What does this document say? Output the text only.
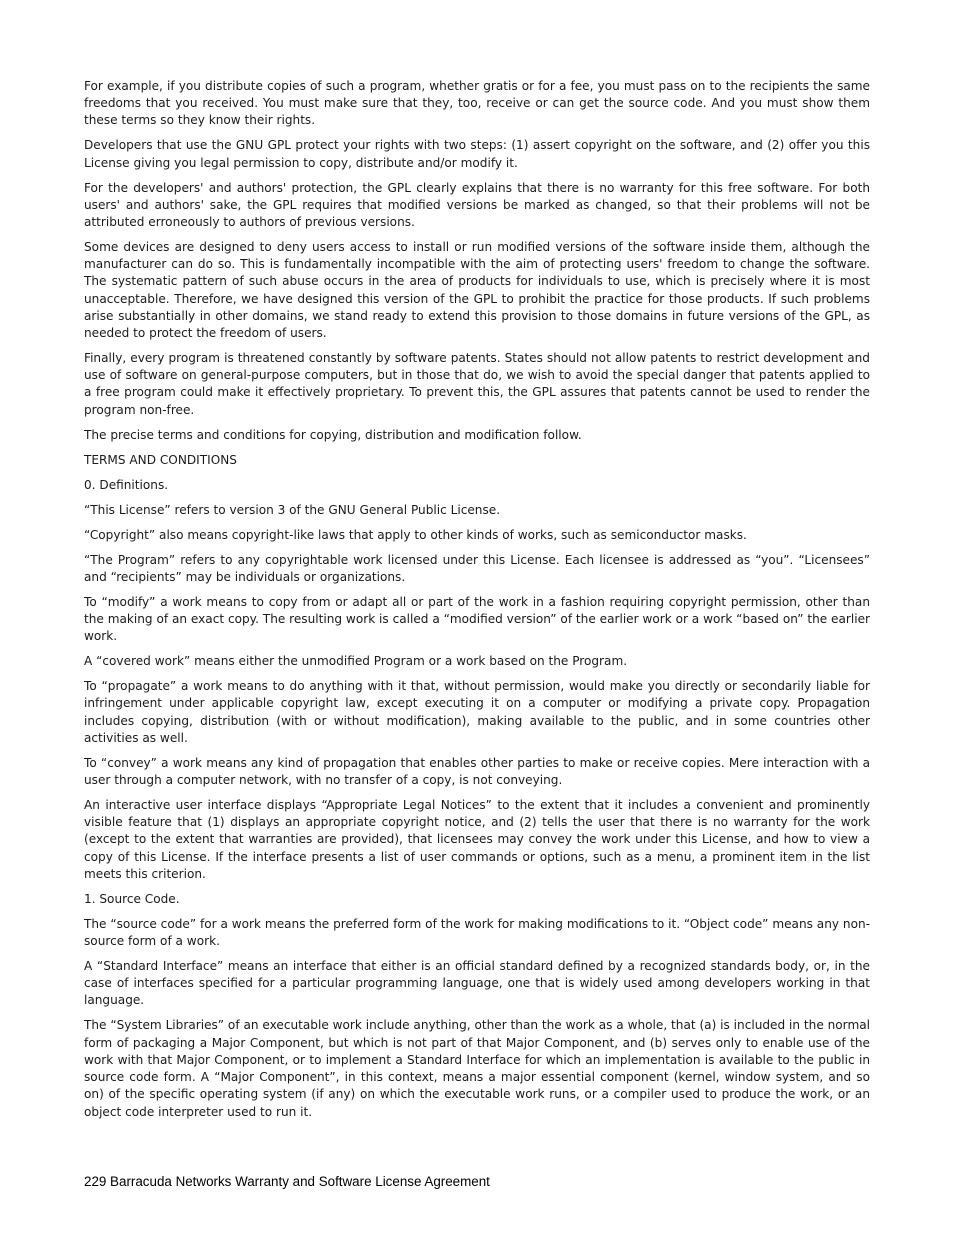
For example, if you distribute copies of such a program, whether gratis or for a fee, you must pass on to the recipients the same freedoms that you received. You must make sure that they, too, receive or can get the source code. And you must show them these terms so they know their rights.

Developers that use the GNU GPL protect your rights with two steps: (1) assert copyright on the software, and (2) offer you this License giving you legal permission to copy, distribute and/or modify it.

For the developers' and authors' protection, the GPL clearly explains that there is no warranty for this free software. For both users' and authors' sake, the GPL requires that modified versions be marked as changed, so that their problems will not be attributed erroneously to authors of previous versions.

Some devices are designed to deny users access to install or run modified versions of the software inside them, although the manufacturer can do so. This is fundamentally incompatible with the aim of protecting users' freedom to change the software. The systematic pattern of such abuse occurs in the area of products for individuals to use, which is precisely where it is most unacceptable. Therefore, we have designed this version of the GPL to prohibit the practice for those products. If such problems arise substantially in other domains, we stand ready to extend this provision to those domains in future versions of the GPL, as needed to protect the freedom of users.

Finally, every program is threatened constantly by software patents. States should not allow patents to restrict development and use of software on general-purpose computers, but in those that do, we wish to avoid the special danger that patents applied to a free program could make it effectively proprietary. To prevent this, the GPL assures that patents cannot be used to render the program non-free.

The precise terms and conditions for copying, distribution and modification follow.

TERMS AND CONDITIONS

0. Definitions.

“This License” refers to version 3 of the GNU General Public License.

“Copyright” also means copyright-like laws that apply to other kinds of works, such as semiconductor masks.

“The Program” refers to any copyrightable work licensed under this License. Each licensee is addressed as “you”. “Licensees” and “recipients” may be individuals or organizations.

To “modify” a work means to copy from or adapt all or part of the work in a fashion requiring copyright permission, other than the making of an exact copy. The resulting work is called a “modified version” of the earlier work or a work “based on” the earlier work.

A “covered work” means either the unmodified Program or a work based on the Program.

To “propagate” a work means to do anything with it that, without permission, would make you directly or secondarily liable for infringement under applicable copyright law, except executing it on a computer or modifying a private copy. Propagation includes copying, distribution (with or without modification), making available to the public, and in some countries other activities as well.

To “convey” a work means any kind of propagation that enables other parties to make or receive copies. Mere interaction with a user through a computer network, with no transfer of a copy, is not conveying.

An interactive user interface displays “Appropriate Legal Notices” to the extent that it includes a convenient and prominently visible feature that (1) displays an appropriate copyright notice, and (2) tells the user that there is no warranty for the work (except to the extent that warranties are provided), that licensees may convey the work under this License, and how to view a copy of this License. If the interface presents a list of user commands or options, such as a menu, a prominent item in the list meets this criterion.

1. Source Code.

The “source code” for a work means the preferred form of the work for making modifications to it. “Object code” means any non-source form of a work.

A “Standard Interface” means an interface that either is an official standard defined by a recognized standards body, or, in the case of interfaces specified for a particular programming language, one that is widely used among developers working in that language.

The “System Libraries” of an executable work include anything, other than the work as a whole, that (a) is included in the normal form of packaging a Major Component, but which is not part of that Major Component, and (b) serves only to enable use of the work with that Major Component, or to implement a Standard Interface for which an implementation is available to the public in source code form. A “Major Component”, in this context, means a major essential component (kernel, window system, and so on) of the specific operating system (if any) on which the executable work runs, or a compiler used to produce the work, or an object code interpreter used to run it.

229 Barracuda Networks Warranty and Software License Agreement
